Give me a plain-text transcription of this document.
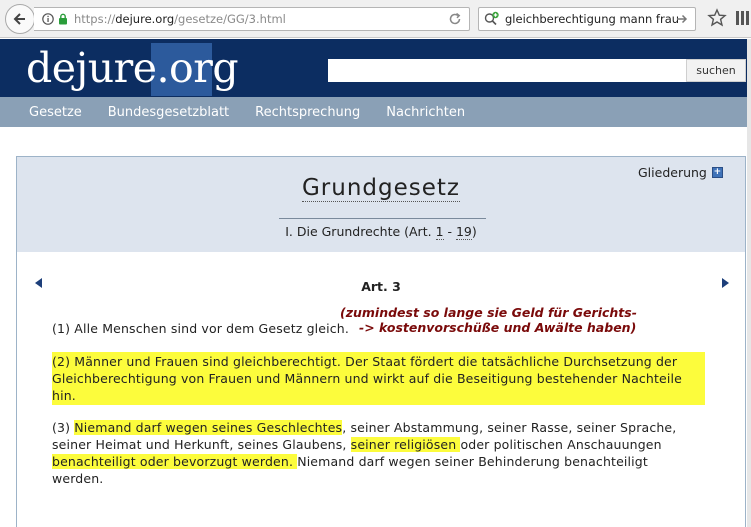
https://dejure.org/gesetze/GG/3.html	gleichberechtigung mann frau
dejure. org	suchen
Gesetze Bundesgesetzblatt Rechtsprechung Nachrichten
Gliederung +
Grundgesetz
I. Die Grundrechte (Art. 1 - 19)
Art. 3
(zumindest so lange sie Geld für Gerichts-
-> kostenvorschüße und Awälte haben)
(1) Alle Menschen sind vor dem Gesetz gleich.
(2) Männer und Frauen sind gleichberechtigt. Der Staat fördert die tatsächliche Durchsetzung der Gleichberechtigung von Frauen und Männern und wirkt auf die Beseitigung bestehender Nachteile hin.
(3) Niemand darf wegen seines Geschlechtes, seiner Abstammung, seiner Rasse, seiner Sprache, seiner Heimat und Herkunft, seines Glaubens, seiner religiösen oder politischen Anschauungen benachteiligt oder bevorzugt werden. Niemand darf wegen seiner Behinderung benachteiligt werden.
